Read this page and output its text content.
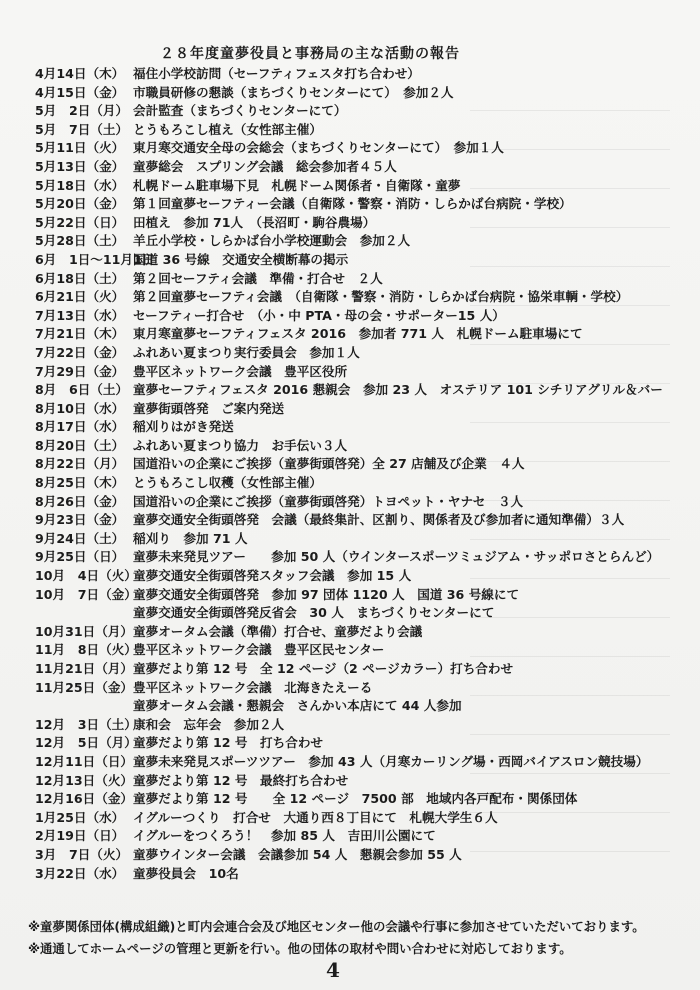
２８年度童夢役員と事務局の主な活動の報告
4月14日（木） 福住小学校訪問（セーフティフェスタ打ち合わせ）
4月15日（金） 市職員研修の懇談（まちづくりセンターにて）　参加２人
5月　2日（月） 会計監査（まちづくりセンターにて）
5月　7日（土） とうもろこし植え（女性部主催）
5月11日（火） 東月寒交通安全母の会総会（まちづくりセンターにて）　参加１人
5月13日（金） 童夢総会　スプリング会議　総会参加者４５人
5月18日（水） 札幌ドーム駐車場下見　札幌ドーム関係者・自衛隊・童夢
5月20日（金） 第１回童夢セーフティー会議（自衛隊・警察・消防・しらかば台病院・学校）
5月22日（日） 田植え　参加 71人　（長沼町・駒谷農場）
5月28日（土） 羊丘小学校・しらかば台小学校運動会　参加２人
6月　1日～11月1日
国道 36 号線　交通安全横断幕の掲示
6月18日（土） 第２回セーフティ会議　準備・打合せ　２人
6月21日（火） 第２回童夢セーフティ会議　（自衛隊・警察・消防・しらかば台病院・協栄車輌・学校）
7月13日（水） セーフティー打合せ　（小・中 PTA・母の会・サポーター15 人）
7月21日（木） 東月寒童夢セーフティフェスタ 2016　参加者 771 人　札幌ドーム駐車場にて
7月22日（金） ふれあい夏まつり実行委員会　参加１人
7月29日（金） 豊平区ネットワーク会議　豊平区役所
8月　6日（土） 童夢セーフティフェスタ 2016 懇親会　参加 23 人　オステリア 101 シチリアグリル＆バー
8月10日（水） 童夢街頭啓発　ご案内発送
8月17日（水） 稲刈りはがき発送
8月20日（土） ふれあい夏まつり協力　お手伝い３人
8月22日（月） 国道沿いの企業にご挨拶（童夢街頭啓発）全 27 店舗及び企業　４人
8月25日（木） とうもろこし収穫（女性部主催）
8月26日（金） 国道沿いの企業にご挨拶（童夢街頭啓発）トヨペット・ヤナセ　３人
9月23日（金） 童夢交通安全街頭啓発　会議（最終集計、区割り、関係者及び参加者に通知準備）３人
9月24日（土） 稲刈り　参加 71 人
9月25日（日） 童夢未来発見ツアー　　参加 50 人（ウインタースポーツミュジアム・サッポロさとらんど）
10月　4日（火）
童夢交通安全街頭啓発スタッフ会議　参加 15 人
10月　7日（金）
童夢交通安全街頭啓発　参加 97 団体 1120 人　国道 36 号線にて
童夢交通安全街頭啓発反省会　30 人　まちづくりセンターにて
10月31日（月） 童夢オータム会議（準備）打合せ、童夢だより会議
11月　8日（火）
豊平区ネットワーク会議　豊平区民センター
11月21日（月） 童夢だより第 12 号　全 12 ページ（2 ページカラー）打ち合わせ
11月25日（金） 豊平区ネットワーク会議　北海きたえーる
童夢オータム会議・懇親会　さんかい本店にて 44 人参加
12月　3日（土）
康和会　忘年会　参加２人
12月　5日（月）
童夢だより第 12 号　打ち合わせ
12月11日（日） 童夢未来発見スポーツツアー　参加 43 人（月寒カーリング場・西岡バイアスロン競技場）
12月13日（火） 童夢だより第 12 号　最終打ち合わせ
12月16日（金） 童夢だより第 12 号　　全 12 ページ　7500 部　地域内各戸配布・関係団体
1月25日（水） イグルーつくり　打合せ　大通り西８丁目にて　札幌大学生６人
2月19日（日） イグルーをつくろう！　参加 85 人　吉田川公園にて
3月　7日（火） 童夢ウインター会議　会議参加 54 人　懇親会参加 55 人
3月22日（水） 童夢役員会　10名
※童夢関係団体(構成組織)と町内会連合会及び地区センター他の会議や行事に参加させていただいております。
※通通してホームページの管理と更新を行い。他の団体の取材や問い合わせに対応しております。
4
